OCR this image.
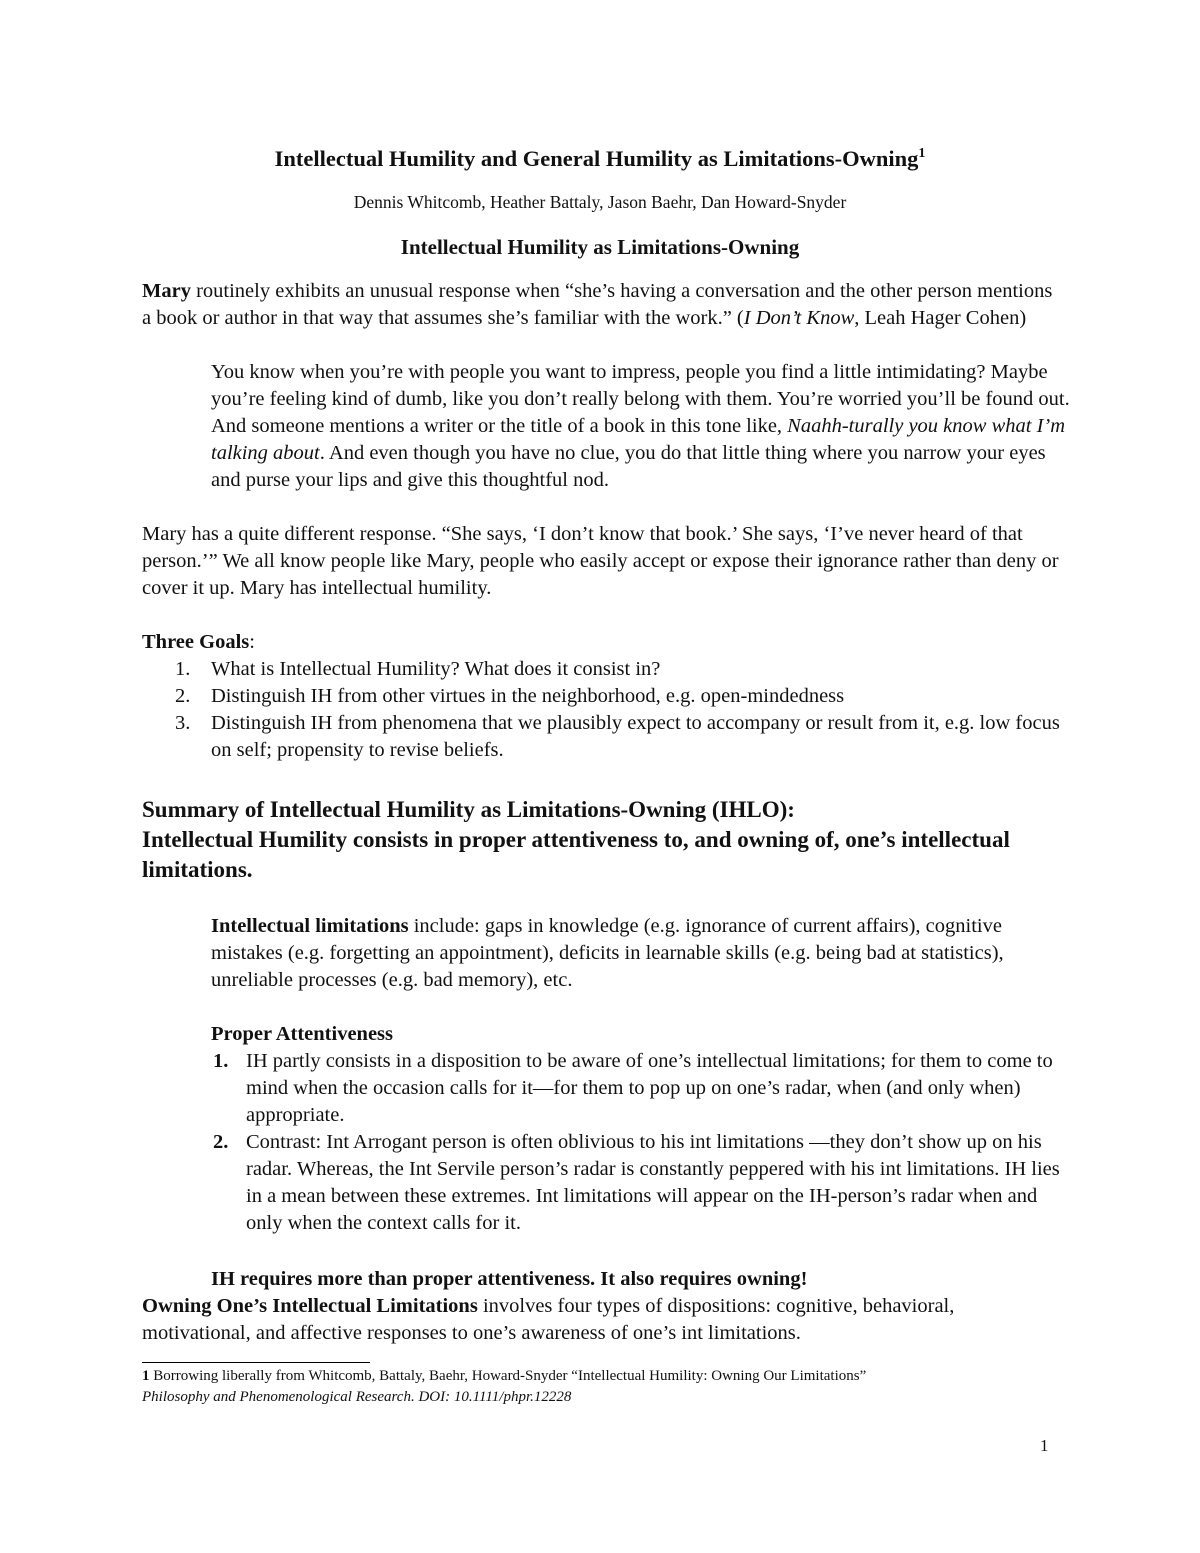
Intellectual Humility and General Humility as Limitations-Owning$^1$
Dennis Whitcomb, Heather Battaly, Jason Baehr, Dan Howard-Snyder
Intellectual Humility as Limitations-Owning
Mary routinely exhibits an unusual response when “she’s having a conversation and the other person mentions a book or author in that way that assumes she’s familiar with the work.” (I Don’t Know, Leah Hager Cohen)
You know when you’re with people you want to impress, people you find a little intimidating? Maybe you’re feeling kind of dumb, like you don’t really belong with them. You’re worried you’ll be found out. And someone mentions a writer or the title of a book in this tone like, Naahh-turally you know what I’m talking about. And even though you have no clue, you do that little thing where you narrow your eyes and purse your lips and give this thoughtful nod.
Mary has a quite different response. “She says, ‘I don’t know that book.’ She says, ‘I’ve never heard of that person.’” We all know people like Mary, people who easily accept or expose their ignorance rather than deny or cover it up. Mary has intellectual humility.
Three Goals:
1. What is Intellectual Humility? What does it consist in?
2. Distinguish IH from other virtues in the neighborhood, e.g. open-mindedness
3. Distinguish IH from phenomena that we plausibly expect to accompany or result from it, e.g. low focus on self; propensity to revise beliefs.
Summary of Intellectual Humility as Limitations-Owning (IHLO):
Intellectual Humility consists in proper attentiveness to, and owning of, one’s intellectual limitations.
Intellectual limitations include: gaps in knowledge (e.g. ignorance of current affairs), cognitive mistakes (e.g. forgetting an appointment), deficits in learnable skills (e.g. being bad at statistics), unreliable processes (e.g. bad memory), etc.
Proper Attentiveness
1. IH partly consists in a disposition to be aware of one’s intellectual limitations; for them to come to mind when the occasion calls for it—for them to pop up on one’s radar, when (and only when) appropriate.
2. Contrast: Int Arrogant person is often oblivious to his int limitations —they don’t show up on his radar. Whereas, the Int Servile person’s radar is constantly peppered with his int limitations. IH lies in a mean between these extremes. Int limitations will appear on the IH-person’s radar when and only when the context calls for it.
IH requires more than proper attentiveness. It also requires owning!
Owning One’s Intellectual Limitations involves four types of dispositions: cognitive, behavioral, motivational, and affective responses to one’s awareness of one’s int limitations.
1 Borrowing liberally from Whitcomb, Battaly, Baehr, Howard-Snyder “Intellectual Humility: Owning Our Limitations”
Philosophy and Phenomenological Research. DOI: 10.1111/phpr.12228
1
